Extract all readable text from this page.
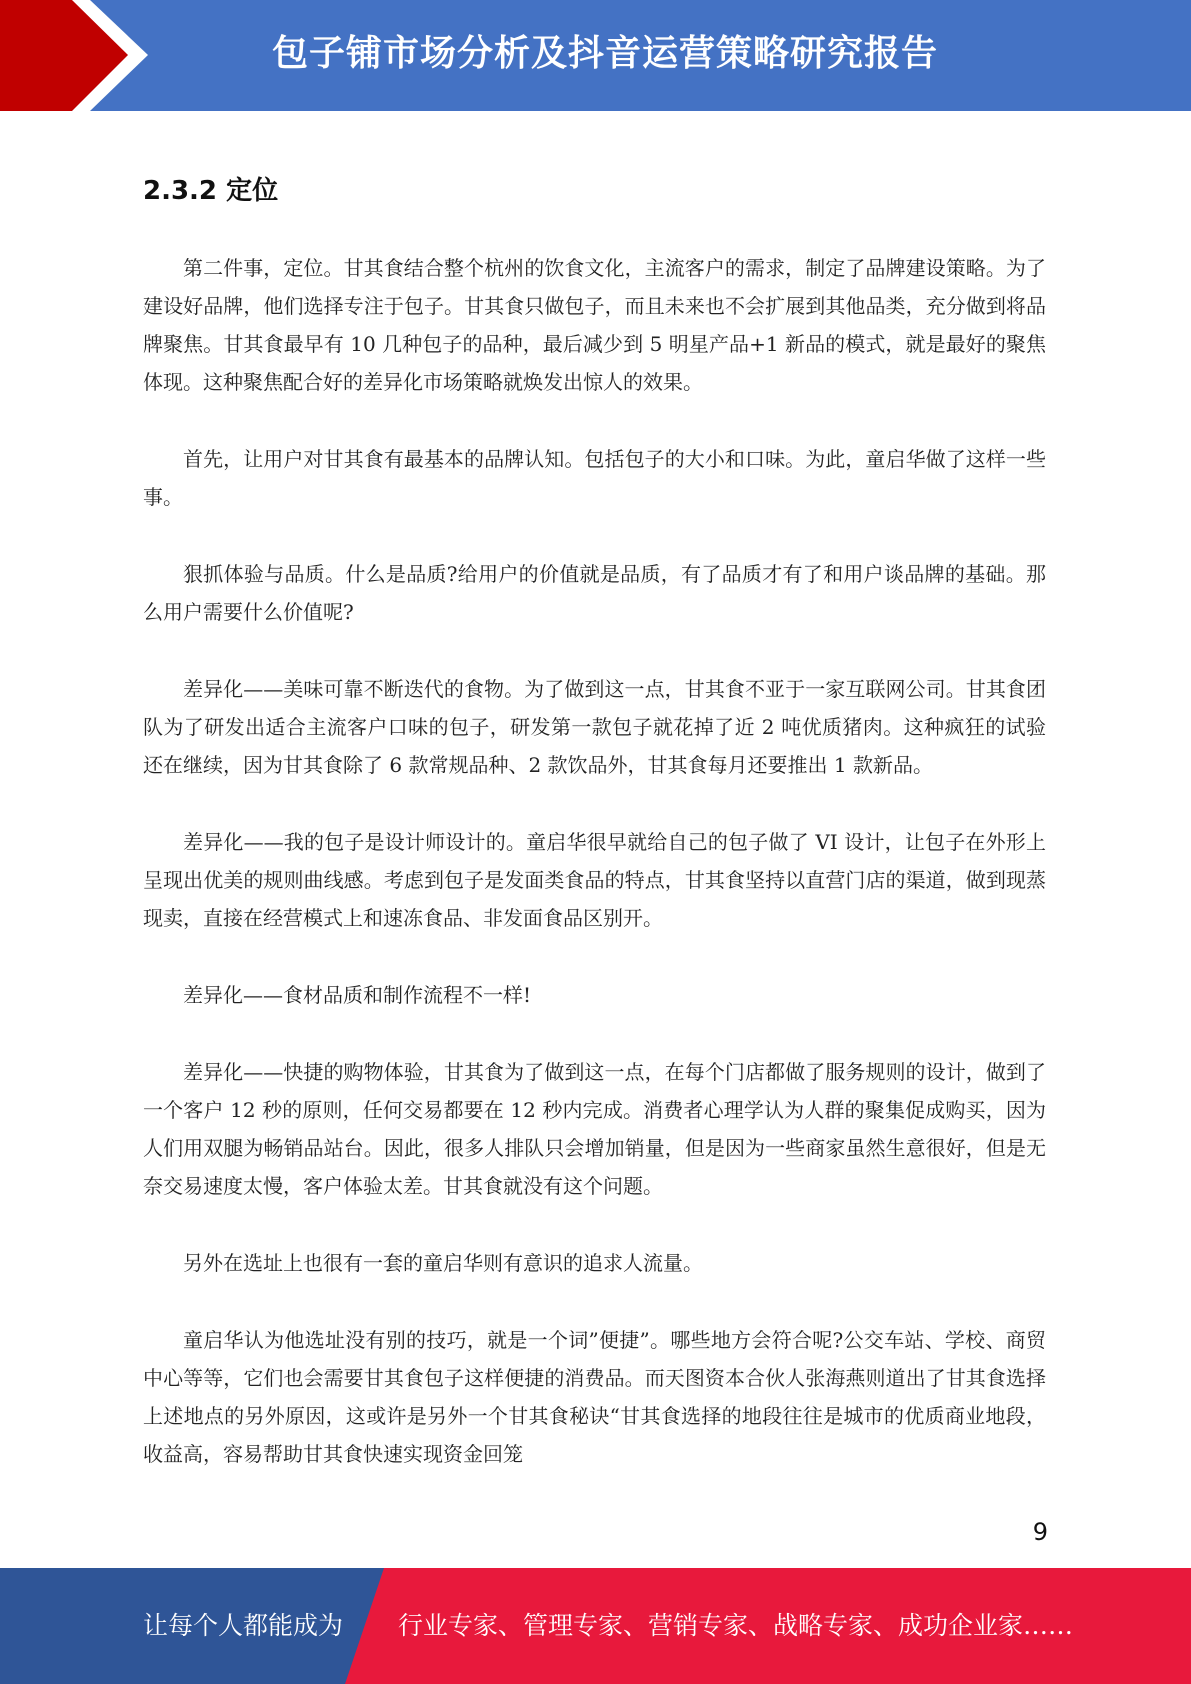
包子铺市场分析及抖音运营策略研究报告
2.3.2 定位

第二件事，定位。甘其食结合整个杭州的饮食文化，主流客户的需求，制定了品牌建设策略。为了建设好品牌，他们选择专注于包子。甘其食只做包子，而且未来也不会扩展到其他品类，充分做到将品牌聚焦。甘其食最早有 10 几种包子的品种，最后减少到 5 明星产品+1 新品的模式，就是最好的聚焦体现。这种聚焦配合好的差异化市场策略就焕发出惊人的效果。

首先，让用户对甘其食有最基本的品牌认知。包括包子的大小和口味。为此，童启华做了这样一些事。

狠抓体验与品质。什么是品质?给用户的价值就是品质，有了品质才有了和用户谈品牌的基础。那么用户需要什么价值呢?

差异化——美味可靠不断迭代的食物。为了做到这一点，甘其食不亚于一家互联网公司。甘其食团队为了研发出适合主流客户口味的包子，研发第一款包子就花掉了近 2 吨优质猪肉。这种疯狂的试验还在继续，因为甘其食除了 6 款常规品种、2 款饮品外，甘其食每月还要推出 1 款新品。

差异化——我的包子是设计师设计的。童启华很早就给自己的包子做了 VI 设计，让包子在外形上呈现出优美的规则曲线感。考虑到包子是发面类食品的特点，甘其食坚持以直营门店的渠道，做到现蒸现卖，直接在经营模式上和速冻食品、非发面食品区别开。

差异化——食材品质和制作流程不一样!

差异化——快捷的购物体验，甘其食为了做到这一点，在每个门店都做了服务规则的设计，做到了一个客户 12 秒的原则，任何交易都要在 12 秒内完成。消费者心理学认为人群的聚集促成购买，因为人们用双腿为畅销品站台。因此，很多人排队只会增加销量，但是因为一些商家虽然生意很好，但是无奈交易速度太慢，客户体验太差。甘其食就没有这个问题。

另外在选址上也很有一套的童启华则有意识的追求人流量。

童启华认为他选址没有别的技巧，就是一个词”便捷”。哪些地方会符合呢?公交车站、学校、商贸中心等等，它们也会需要甘其食包子这样便捷的消费品。而天图资本合伙人张海燕则道出了甘其食选择上述地点的另外原因，这或许是另外一个甘其食秘诀“甘其食选择的地段往往是城市的优质商业地段，收益高，容易帮助甘其食快速实现资金回笼

9
让每个人都能成为 行业专家、管理专家、营销专家、战略专家、成功企业家……
